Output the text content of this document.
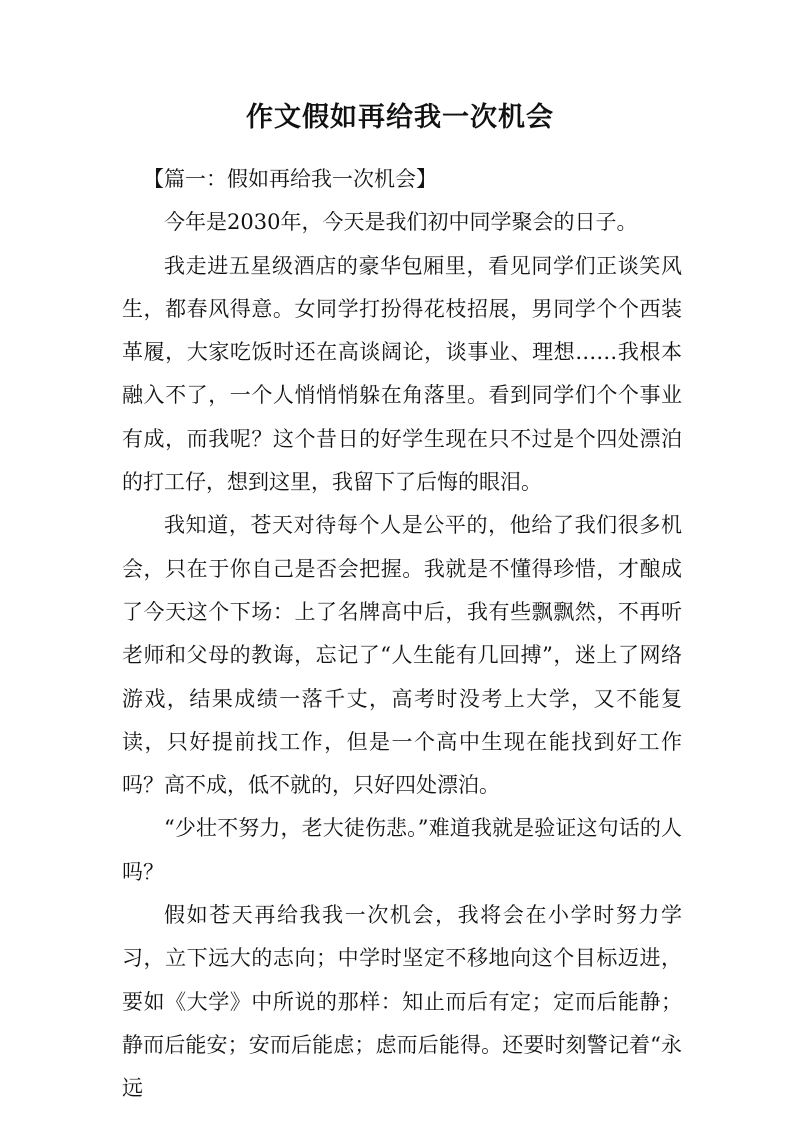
作文假如再给我一次机会

【篇一：假如再给我一次机会】

今年是2030年，今天是我们初中同学聚会的日子。

我走进五星级酒店的豪华包厢里，看见同学们正谈笑风生，都春风得意。女同学打扮得花枝招展，男同学个个西装革履，大家吃饭时还在高谈阔论，谈事业、理想……我根本融入不了，一个人悄悄悄躲在角落里。看到同学们个个事业有成，而我呢？这个昔日的好学生现在只不过是个四处漂泊的打工仔，想到这里，我留下了后悔的眼泪。

我知道，苍天对待每个人是公平的，他给了我们很多机会，只在于你自己是否会把握。我就是不懂得珍惜，才酿成了今天这个下场：上了名牌高中后，我有些飘飘然，不再听老师和父母的教诲，忘记了“人生能有几回搏”，迷上了网络游戏，结果成绩一落千丈，高考时没考上大学，又不能复读，只好提前找工作，但是一个高中生现在能找到好工作吗？高不成，低不就的，只好四处漂泊。

“少壮不努力，老大徒伤悲。”难道我就是验证这句话的人吗？

假如苍天再给我我一次机会，我将会在小学时努力学习，立下远大的志向；中学时坚定不移地向这个目标迈进，要如《大学》中所说的那样：知止而后有定；定而后能静；静而后能安；安而后能虑；虑而后能得。还要时刻警记着“永远
